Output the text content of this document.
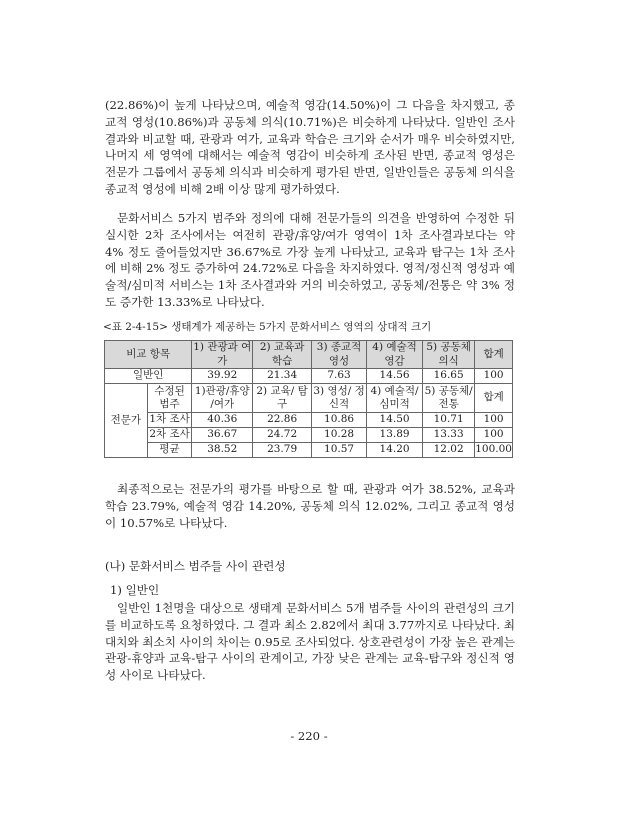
(22.86%)이 높게 나타났으며, 예술적 영감(14.50%)이 그 다음을 차지했고, 종교적 영성(10.86%)과 공동체 의식(10.71%)은 비슷하게 나타났다. 일반인 조사결과와 비교할 때, 관광과 여가, 교육과 학습은 크기와 순서가 매우 비슷하였지만, 나머지 세 영역에 대해서는 예술적 영감이 비슷하게 조사된 반면, 종교적 영성은 전문가 그룹에서 공동체 의식과 비슷하게 평가된 반면, 일반인들은 공동체 의식을 종교적 영성에 비해 2배 이상 많게 평가하였다.

문화서비스 5가지 범주와 정의에 대해 전문가들의 의견을 반영하여 수정한 뒤 실시한 2차 조사에서는 여전히 관광/휴양/여가 영역이 1차 조사결과보다는 약 4% 정도 줄어들었지만 36.67%로 가장 높게 나타났고, 교육과 탐구는 1차 조사에 비해 2% 정도 증가하여 24.72%로 다음을 차지하였다. 영적/정신적 영성과 예술적/심미적 서비스는 1차 조사결과와 거의 비슷하였고, 공동체/전통은 약 3% 정도 증가한 13.33%로 나타났다.

<표 2-4-15> 생태계가 제공하는 5가지 문화서비스 영역의 상대적 크기
비교 항목		1) 관광과 여가	2) 교육과 학습	3) 종교적 영성	4) 예술적 영감	5) 공동체 의식	합계
일반인		39.92	21.34	7.63	14.56	16.65	100
전문가	수정된 범주	1)관광/휴양 /여가	2) 교육/ 탐구	3) 영성/ 정신적	4) 예술적/ 심미적	5) 공동체/ 전통	합계
	1차 조사	40.36	22.86	10.86	14.50	10.71	100
	2차 조사	36.67	24.72	10.28	13.89	13.33	100
	평균	38.52	23.79	10.57	14.20	12.02	100.00

최종적으로는 전문가의 평가를 바탕으로 할 때, 관광과 여가 38.52%, 교육과 학습 23.79%, 예술적 영감 14.20%, 공동체 의식 12.02%, 그리고 종교적 영성이 10.57%로 나타났다.

(나) 문화서비스 범주들 사이 관련성
1) 일반인

일반인 1천명을 대상으로 생태계 문화서비스 5개 범주들 사이의 관련성의 크기를 비교하도록 요청하였다. 그 결과 최소 2.82에서 최대 3.77까지로 나타났다. 최대치와 최소치 사이의 차이는 0.95로 조사되었다. 상호관련성이 가장 높은 관계는 관광-휴양과 교육-탐구 사이의 관계이고, 가장 낮은 관계는 교육-탐구와 정신적 영성 사이로 나타났다.

- 220 -
